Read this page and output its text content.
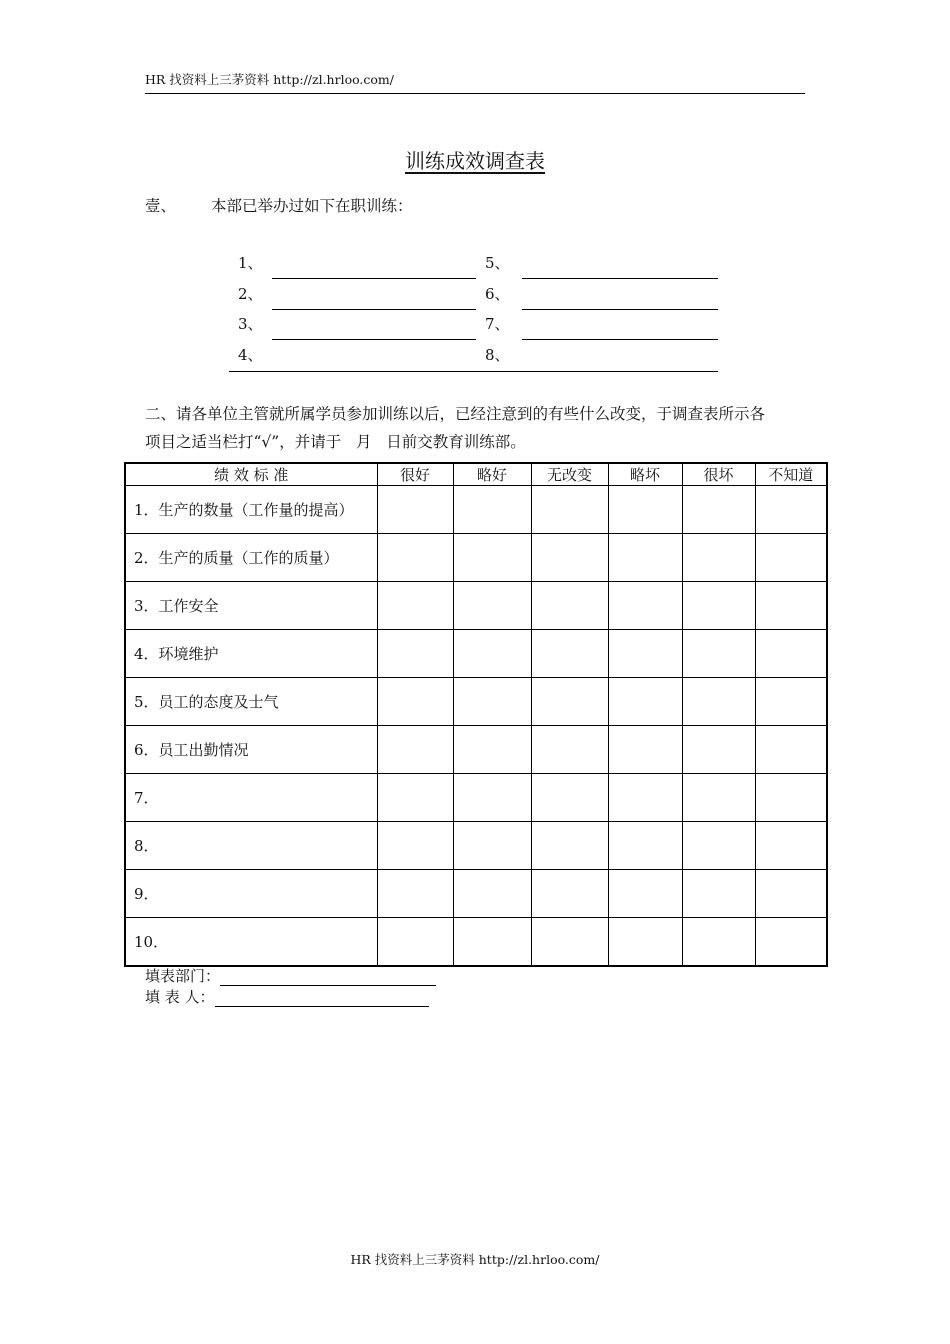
HR 找资料上三茅资料 http://zl.hrloo.com/
训练成效调查表
壹、 本部已举办过如下在职训练：
1、
2、
3、
4、
5、
6、
7、
8、
二、请各单位主管就所属学员参加训练以后，已经注意到的有些什么改变，于调查表所示各
项目之适当栏打“√”，并请于   月   日前交教育训练部。
绩 效 标 准	很好	略好	无改变	略坏	很坏	不知道
1．生产的数量（工作量的提高）						
2．生产的质量（工作的质量）						
3．工作安全						
4．环境维护						
5．员工的态度及士气						
6．员工出勤情况						
7．						
8．						
9．						
10．						
填表部门：
填 表 人：
HR 找资料上三茅资料 http://zl.hrloo.com/
